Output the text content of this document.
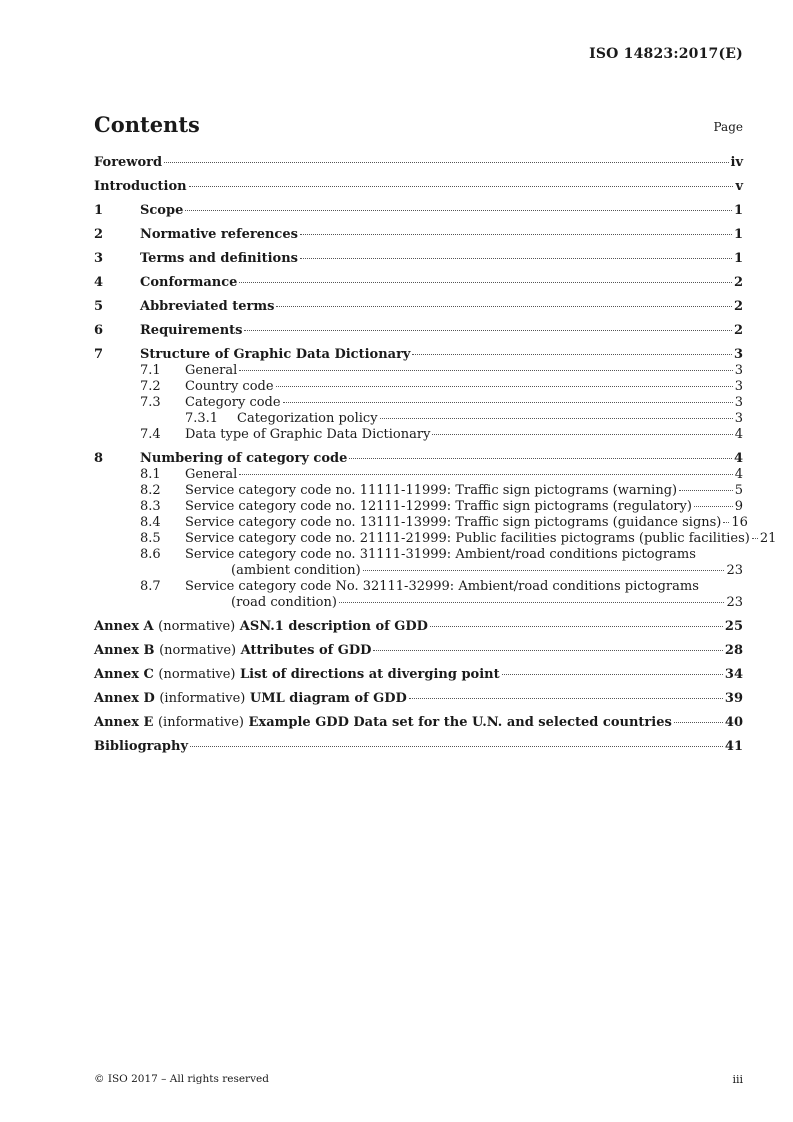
ISO 14823:2017(E)
Contents	Page
Foreword	iv
Introduction	v
1	Scope	1
2	Normative references	1
3	Terms and definitions	1
4	Conformance	2
5	Abbreviated terms	2
6	Requirements	2
7	Structure of Graphic Data Dictionary	3
7.1	General	3
7.2	Country code	3
7.3	Category code	3
7.3.1	Categorization policy	3
7.4	Data type of Graphic Data Dictionary	4
8	Numbering of category code	4
8.1	General	4
8.2	Service category code no. 11111-11999: Traffic sign pictograms (warning)	5
8.3	Service category code no. 12111-12999: Traffic sign pictograms (regulatory)	9
8.4	Service category code no. 13111-13999: Traffic sign pictograms (guidance signs) 16
8.5	Service category code no. 21111-21999: Public facilities pictograms (public facilities) 21
8.6	Service category code no. 31111-31999: Ambient/road conditions pictograms
(ambient condition)	23
8.7	Service category code No. 32111-32999: Ambient/road conditions pictograms
(road condition)	23
Annex A (normative) ASN.1 description of GDD	25
Annex B (normative) Attributes of GDD	28
Annex C (normative) List of directions at diverging point	34
Annex D (informative) UML diagram of GDD	39
Annex E (informative) Example GDD Data set for the U.N. and selected countries	40
Bibliography	41
© ISO 2017 – All rights reserved	iii
